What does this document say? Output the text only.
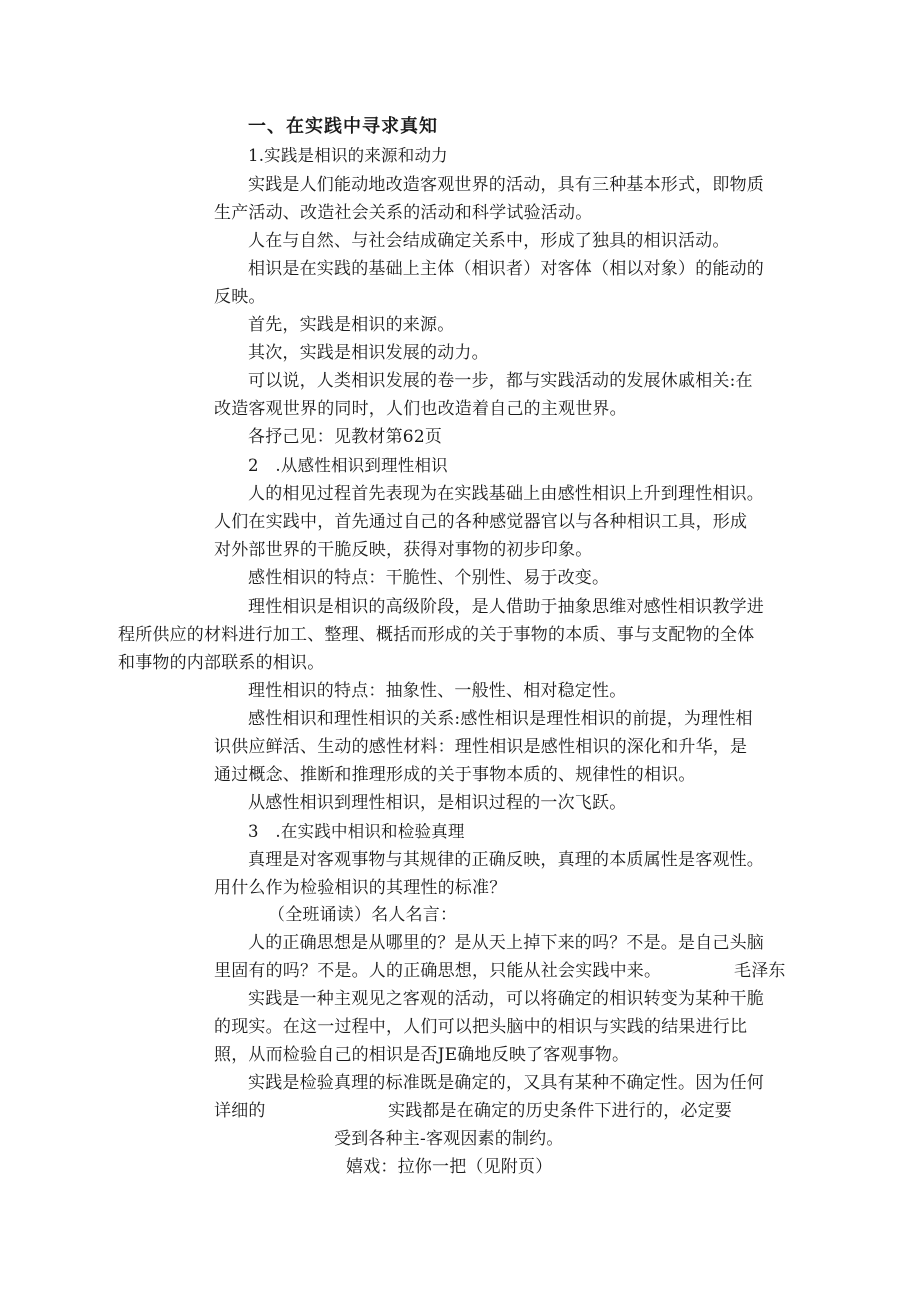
一、在实践中寻求真知
1.实践是相识的来源和动力
实践是人们能动地改造客观世界的活动，具有三种基本形式，即物质
生产活动、改造社会关系的活动和科学试验活动。
人在与自然、与社会结成确定关系中，形成了独具的相识活动。
相识是在实践的基础上主体（相识者）对客体（相以对象）的能动的
反映。
首先，实践是相识的来源。
其次，实践是相识发展的动力。
可以说，人类相识发展的卷一步，都与实践活动的发展休戚相关:在
改造客观世界的同时，人们也改造着自己的主观世界。
各抒己见：见教材第62页
2　.从感性相识到理性相识
人的相见过程首先表现为在实践基础上由感性相识上升到理性相识。
人们在实践中，首先通过自己的各种感觉器官以与各种相识工具，形成
对外部世界的干脆反映，获得对事物的初步印象。
感性相识的特点：干脆性、个别性、易于改变。
理性相识是相识的高级阶段，是人借助于抽象思维对感性相识教学进
程所供应的材料进行加工、整理、概括而形成的关于事物的本质、事与支配物的全体
和事物的内部联系的相识。
理性相识的特点：抽象性、一般性、相对稳定性。
感性相识和理性相识的关系:感性相识是理性相识的前提，为理性相
识供应鲜活、生动的感性材料：理性相识是感性相识的深化和升华，是
通过概念、推断和推理形成的关于事物本质的、规律性的相识。
从感性相识到理性相识，是相识过程的一次飞跃。
3　.在实践中相识和检验真理
真理是对客观事物与其规律的正确反映，真理的本质属性是客观性。
用什么作为检验相识的其理性的标准？
（全班诵读）名人名言：
人的正确思想是从哪里的？是从天上掉下来的吗？不是。是自己头脑
里固有的吗？不是。人的正确思想，只能从社会实践中来。	毛泽东
实践是一种主观见之客观的活动，可以将确定的相识转变为某种干脆
的现实。在这一过程中，人们可以把头脑中的相识与实践的结果进行比
照，从而检验自己的相识是否JE确地反映了客观事物。
实践是检验真理的标准既是确定的，又具有某种不确定性。因为任何
详细的	实践都是在确定的历史条件下进行的，必定要
受到各种主-客观因素的制约。
嬉戏：拉你一把（见附页）
